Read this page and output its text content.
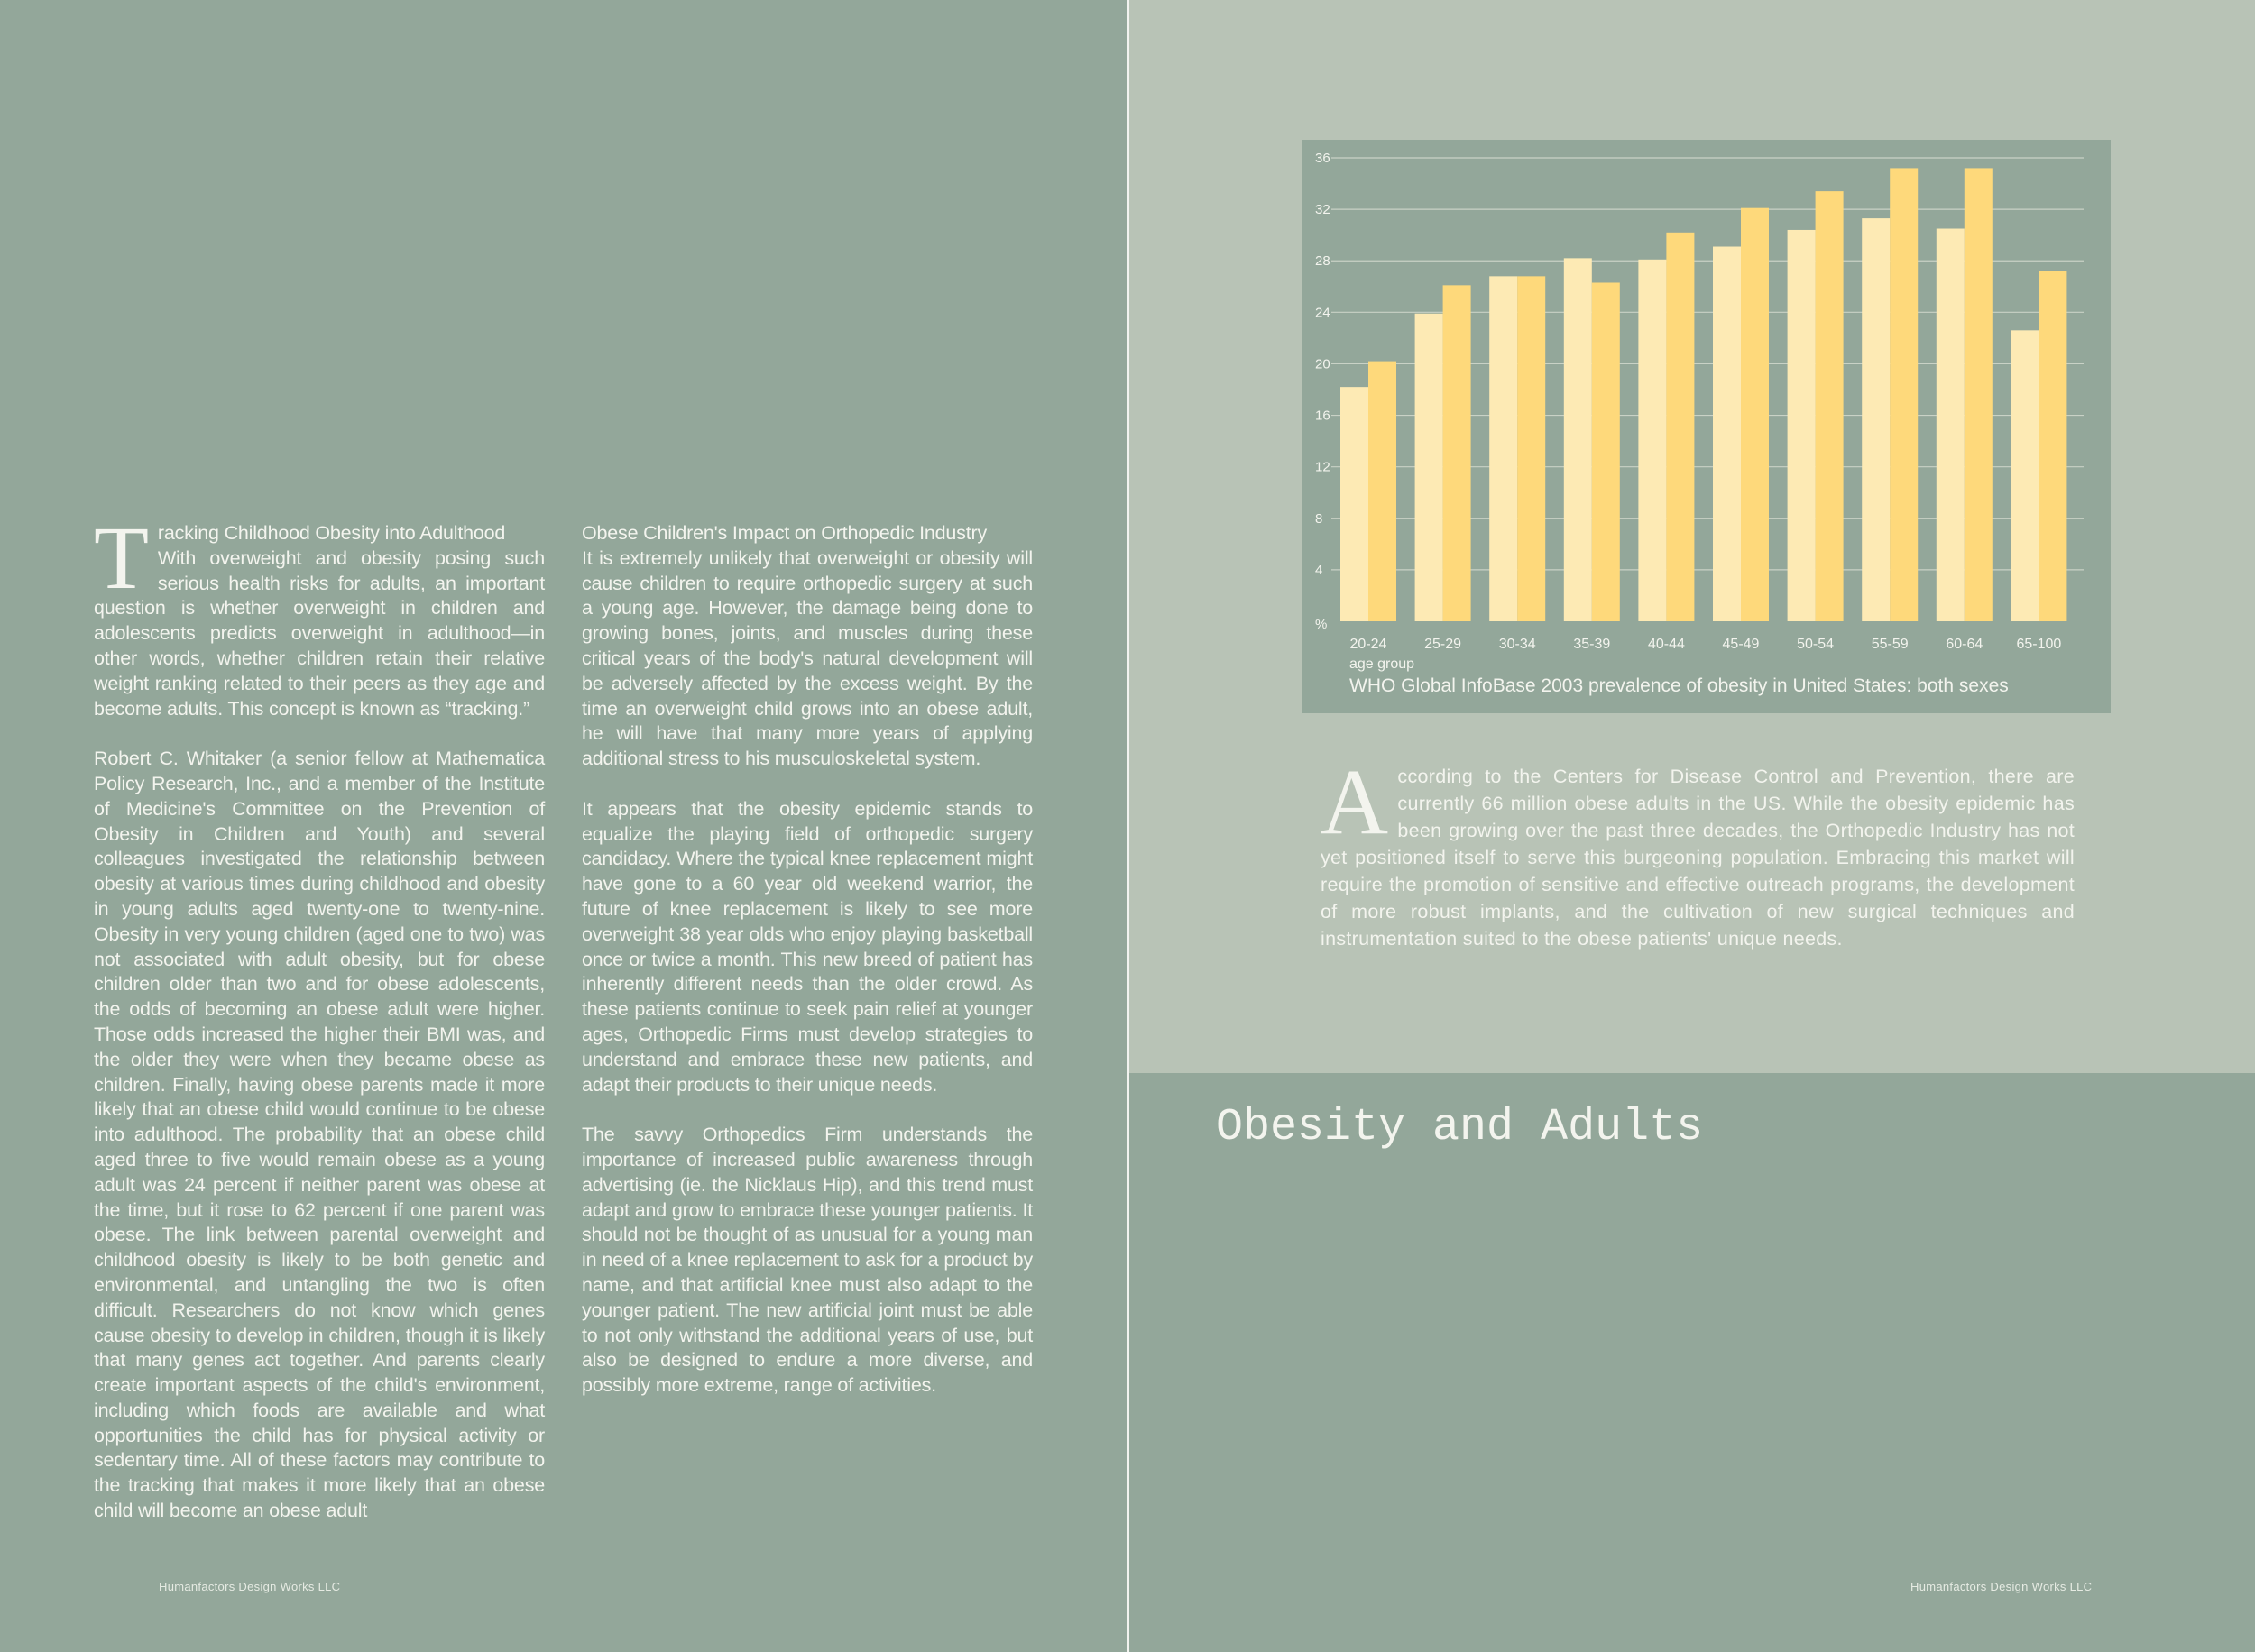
T racking Childhood Obesity into Adulthood

With overweight and obesity posing such serious health risks for adults, an important question is whether overweight in children and adolescents predicts overweight in adulthood—in other words, whether children retain their relative weight ranking related to their peers as they age and become adults. This concept is known as “tracking.”

Robert C. Whitaker (a senior fellow at Mathematica Policy Research, Inc., and a member of the Institute of Medicine's Committee on the Prevention of Obesity in Children and Youth) and several colleagues investigated the relationship between obesity at various times during childhood and obesity in young adults aged twenty-one to twenty-nine. Obesity in very young children (aged one to two) was not associated with adult obesity, but for obese children older than two and for obese adolescents, the odds of becoming an obese adult were higher. Those odds increased the higher their BMI was, and the older they were when they became obese as children. Finally, having obese parents made it more likely that an obese child would continue to be obese into adulthood. The probability that an obese child aged three to five would remain obese as a young adult was 24 percent if neither parent was obese at the time, but it rose to 62 percent if one parent was obese. The link between parental overweight and childhood obesity is likely to be both genetic and environmental, and untangling the two is often difficult. Researchers do not know which genes cause obesity to develop in children, though it is likely that many genes act together. And parents clearly create important aspects of the child's environment, including which foods are available and what opportunities the child has for physical activity or sedentary time. All of these factors may contribute to the tracking that makes it more likely that an obese child will become an obese adult

Obese Children's Impact on Orthopedic Industry

It is extremely unlikely that overweight or obesity will cause children to require orthopedic surgery at such a young age. However, the damage being done to growing bones, joints, and muscles during these critical years of the body's natural development will be adversely affected by the excess weight. By the time an overweight child grows into an obese adult, he will have that many more years of applying additional stress to his musculoskeletal system.

It appears that the obesity epidemic stands to equalize the playing field of orthopedic surgery candidacy. Where the typical knee replacement might have gone to a 60 year old weekend warrior, the future of knee replacement is likely to see more overweight 38 year olds who enjoy playing basketball once or twice a month. This new breed of patient has inherently different needs than the older crowd. As these patients continue to seek pain relief at younger ages, Orthopedic Firms must develop strategies to understand and embrace these new patients, and adapt their products to their unique needs.

The savvy Orthopedics Firm understands the importance of increased public awareness through advertising (ie. the Nicklaus Hip), and this trend must adapt and grow to embrace these younger patients. It should not be thought of as unusual for a young man in need of a knee replacement to ask for a product by name, and that artificial knee must also adapt to the younger patient. The new artificial joint must be able to not only withstand the additional years of use, but also be designed to endure a more diverse, and possibly more extreme, range of activities.

Humanfactors Design Works LLC
4
8
12
16
20
24
28
32
36
%
20-24	25-29	30-34	35-39	40-44	45-49	50-54	55-59	60-64 65-100
age group
WHO Global InfoBase 2003 prevalence of obesity in United States: both sexes
A ccording to the Centers for Disease Control and Prevention, there are currently 66 million obese adults in the US. While the obesity epidemic has been growing over the past three decades, the Orthopedic Industry has not yet positioned itself to serve this burgeoning population. Embracing this market will require the promotion of sensitive and effective outreach programs, the development of more robust implants, and the cultivation of new surgical techniques and instrumentation suited to the obese patients' unique needs.
Obesity and Adults
Humanfactors Design Works LLC
